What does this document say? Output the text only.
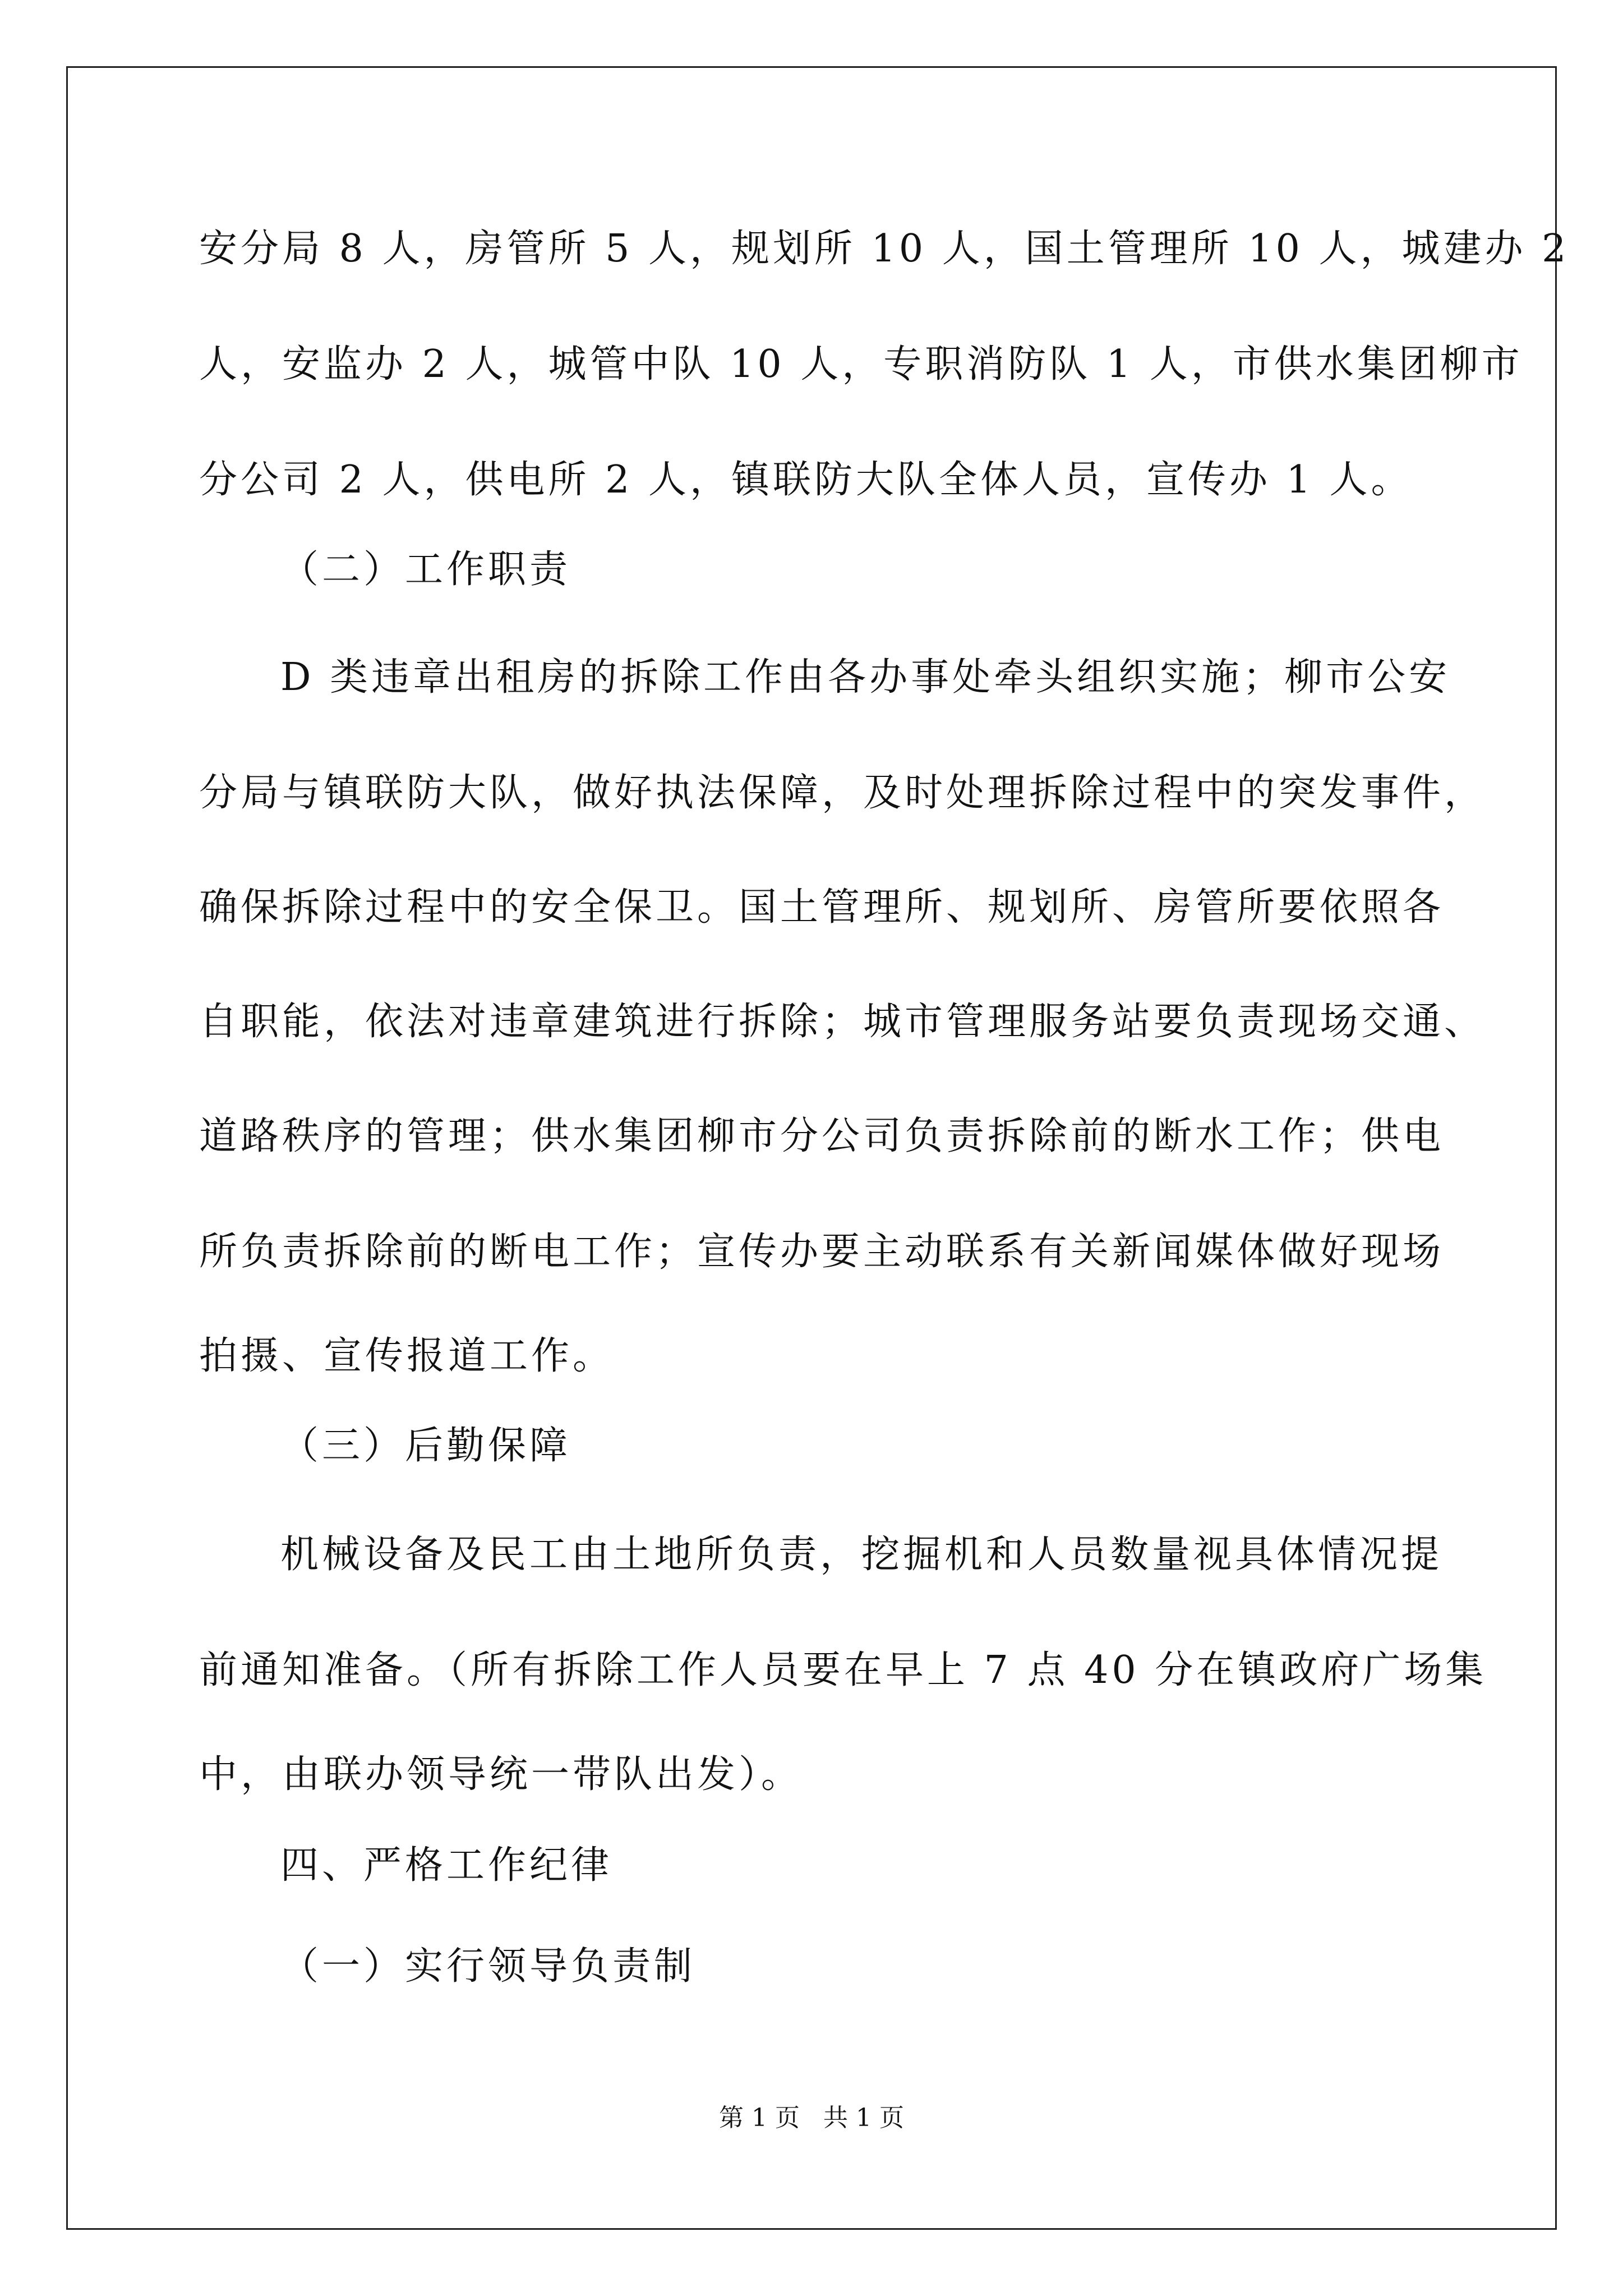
安分局 8 人，房管所 5 人，规划所 10 人，国土管理所 10 人，城建办 2
人，安监办 2 人，城管中队 10 人，专职消防队 1 人，市供水集团柳市
分公司 2 人，供电所 2 人，镇联防大队全体人员，宣传办 1 人。
（二）工作职责
D 类违章出租房的拆除工作由各办事处牵头组织实施；柳市公安
分局与镇联防大队，做好执法保障，及时处理拆除过程中的突发事件，
确保拆除过程中的安全保卫。国土管理所、规划所、房管所要依照各
自职能，依法对违章建筑进行拆除；城市管理服务站要负责现场交通、
道路秩序的管理；供水集团柳市分公司负责拆除前的断水工作；供电
所负责拆除前的断电工作；宣传办要主动联系有关新闻媒体做好现场
拍摄、宣传报道工作。
（三）后勤保障
机械设备及民工由土地所负责，挖掘机和人员数量视具体情况提
前通知准备。（所有拆除工作人员要在早上 7 点 40 分在镇政府广场集
中，由联办领导统一带队出发）。
四、严格工作纪律
（一）实行领导负责制
第 1 页   共 1 页
